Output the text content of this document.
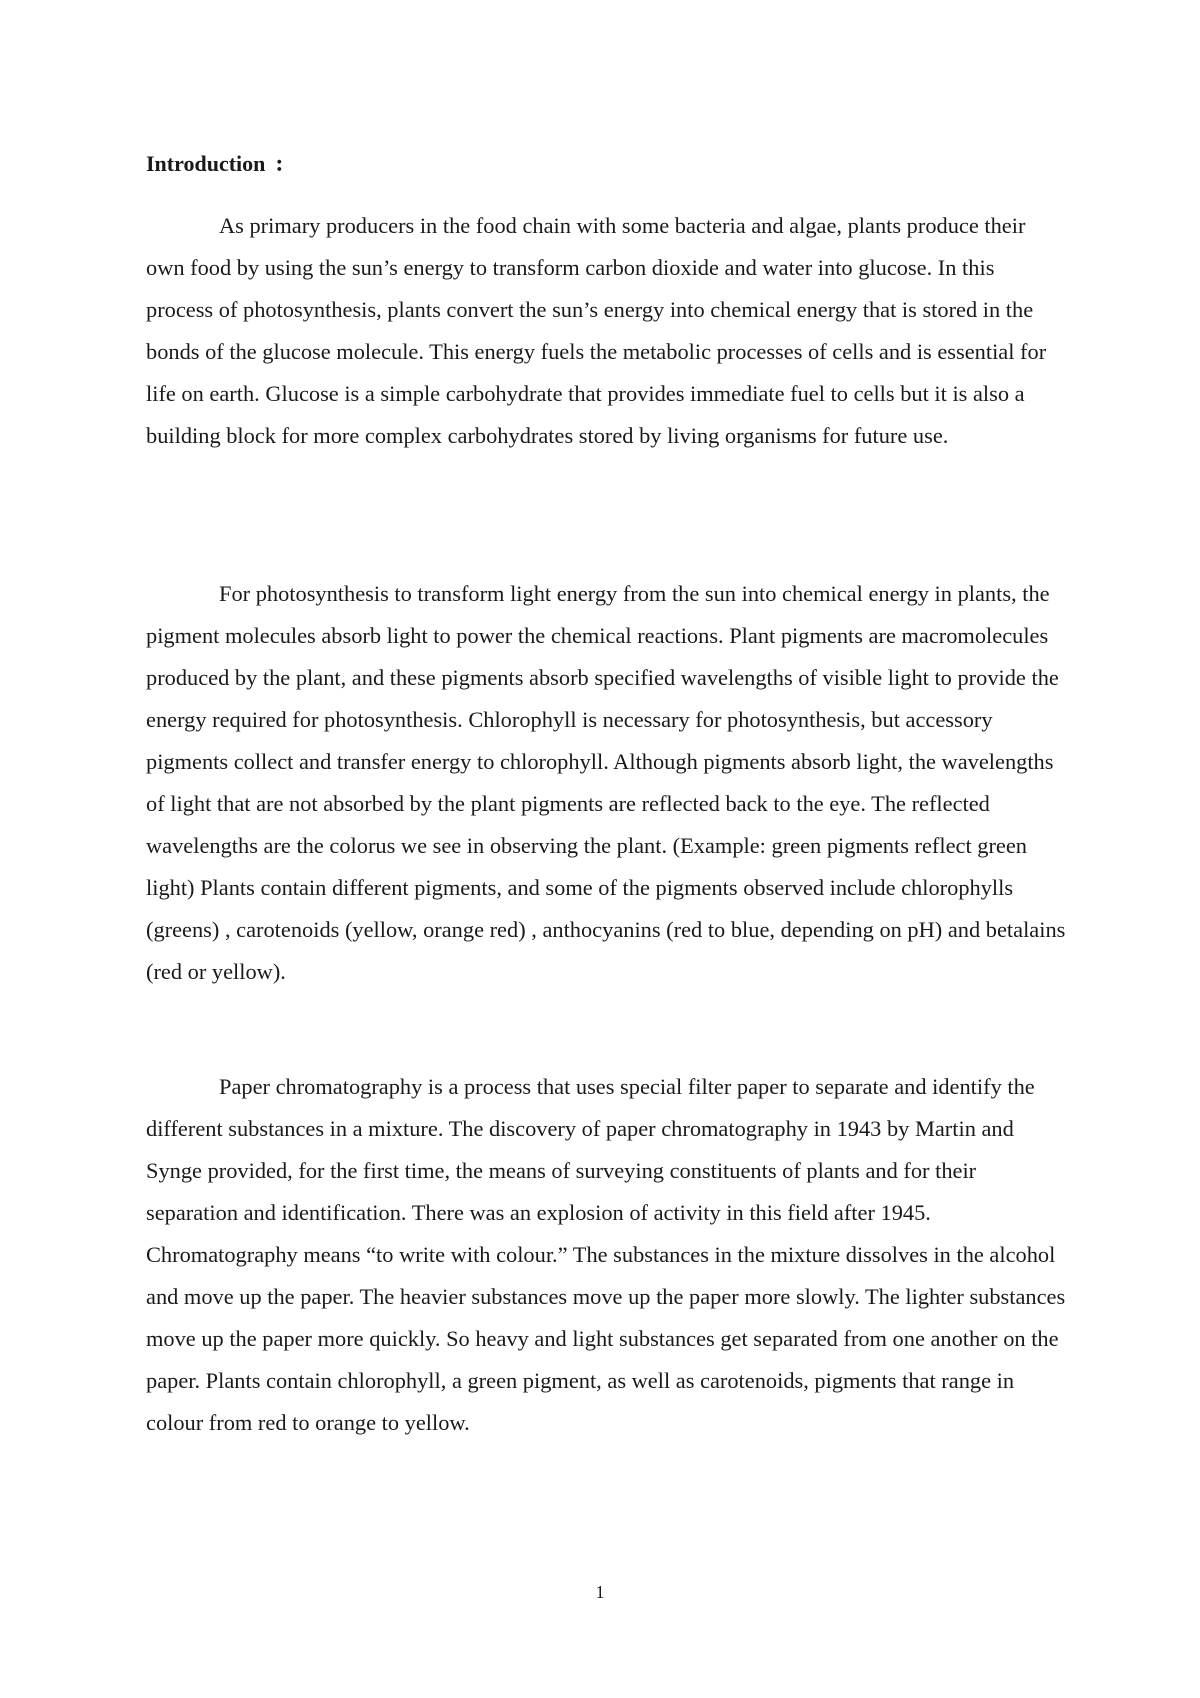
Introduction :

As primary producers in the food chain with some bacteria and algae, plants produce their own food by using the sun’s energy to transform carbon dioxide and water into glucose. In this process of photosynthesis, plants convert the sun’s energy into chemical energy that is stored in the bonds of the glucose molecule. This energy fuels the metabolic processes of cells and is essential for life on earth. Glucose is a simple carbohydrate that provides immediate fuel to cells but it is also a building block for more complex carbohydrates stored by living organisms for future use.

For photosynthesis to transform light energy from the sun into chemical energy in plants, the pigment molecules absorb light to power the chemical reactions. Plant pigments are macromolecules produced by the plant, and these pigments absorb specified wavelengths of visible light to provide the energy required for photosynthesis. Chlorophyll is necessary for photosynthesis, but accessory pigments collect and transfer energy to chlorophyll. Although pigments absorb light, the wavelengths of light that are not absorbed by the plant pigments are reflected back to the eye. The reflected wavelengths are the colorus we see in observing the plant. (Example: green pigments reflect green light) Plants contain different pigments, and some of the pigments observed include chlorophylls (greens) , carotenoids (yellow, orange red) , anthocyanins (red to blue, depending on pH) and betalains (red or yellow).

Paper chromatography is a process that uses special filter paper to separate and identify the different substances in a mixture. The discovery of paper chromatography in 1943 by Martin and Synge provided, for the first time, the means of surveying constituents of plants and for their separation and identification. There was an explosion of activity in this field after 1945. Chromatography means “to write with colour.” The substances in the mixture dissolves in the alcohol and move up the paper. The heavier substances move up the paper more slowly. The lighter substances move up the paper more quickly. So heavy and light substances get separated from one another on the paper. Plants contain chlorophyll, a green pigment, as well as carotenoids, pigments that range in colour from red to orange to yellow.

1
